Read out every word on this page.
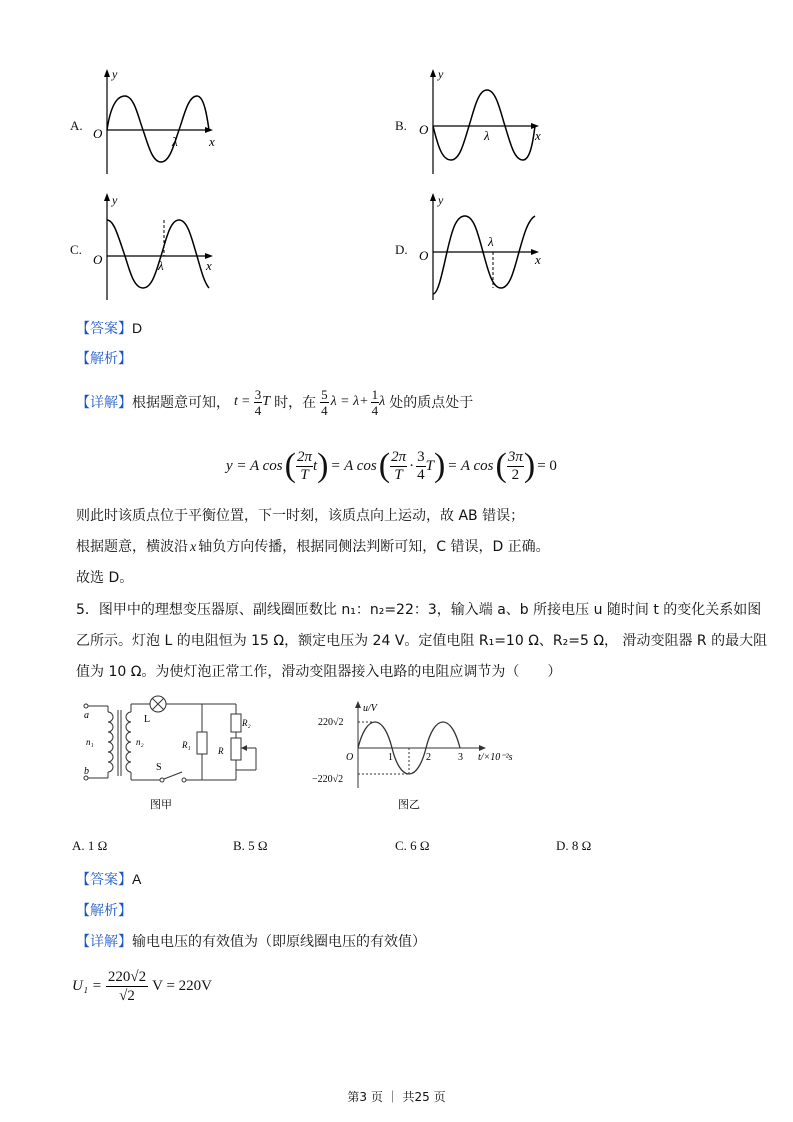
A.
y
O
λ x
B.
y
O	λ	x
C.
y
O	λ	x
D.
y
O
λ
x
【答案】D
【解析】
【详解】 根据题意可知， $t = \frac{3}{4}$ T 时，在
5
4
$\lambda = \lambda+ \frac{1}{4}$ λ 处的质点处于
y = A cos ( 2π
T
t ) = A cos ( 2π
T
·
3
4
T ) = A cos ( 3π
2 ) = 0
则此时该质点位于平衡位置，下一时刻，该质点向上运动，故 AB 错误；
根据题意，横波沿 x 轴负方向传播，根据同侧法判断可知，C 错误，D 正确。
故选 D。
5．图甲中的理想变压器原、副线圈匝数比 n₁：n₂=22：3，输入端 a、b 所接电压 u 随时间 t 的变化关系如图
乙所示。灯泡 L 的电阻恒为 15 Ω，额定电压为 24 V。定值电阻 R₁=10 Ω、R₂=5 Ω， 滑动变阻器 R 的最大阻
值为 10 Ω。为使灯泡正常工作，滑动变阻器接入电路的电阻应调节为（　　）
a
b
n₁	n₂
L
S
R₁
R₂
R
图甲
u/V
220√2
−220√2
O	1	2	3 t/×10⁻²s
图乙
A. 1 Ω	B. 5 Ω	C. 6 Ω	D. 8 Ω
【答案】A
【解析】
【详解】输电电压的有效值为（即原线圈电压的有效值）
$U_1 = \frac{220√2}{√2}$ V = 220V
第3 页 ｜ 共25 页
